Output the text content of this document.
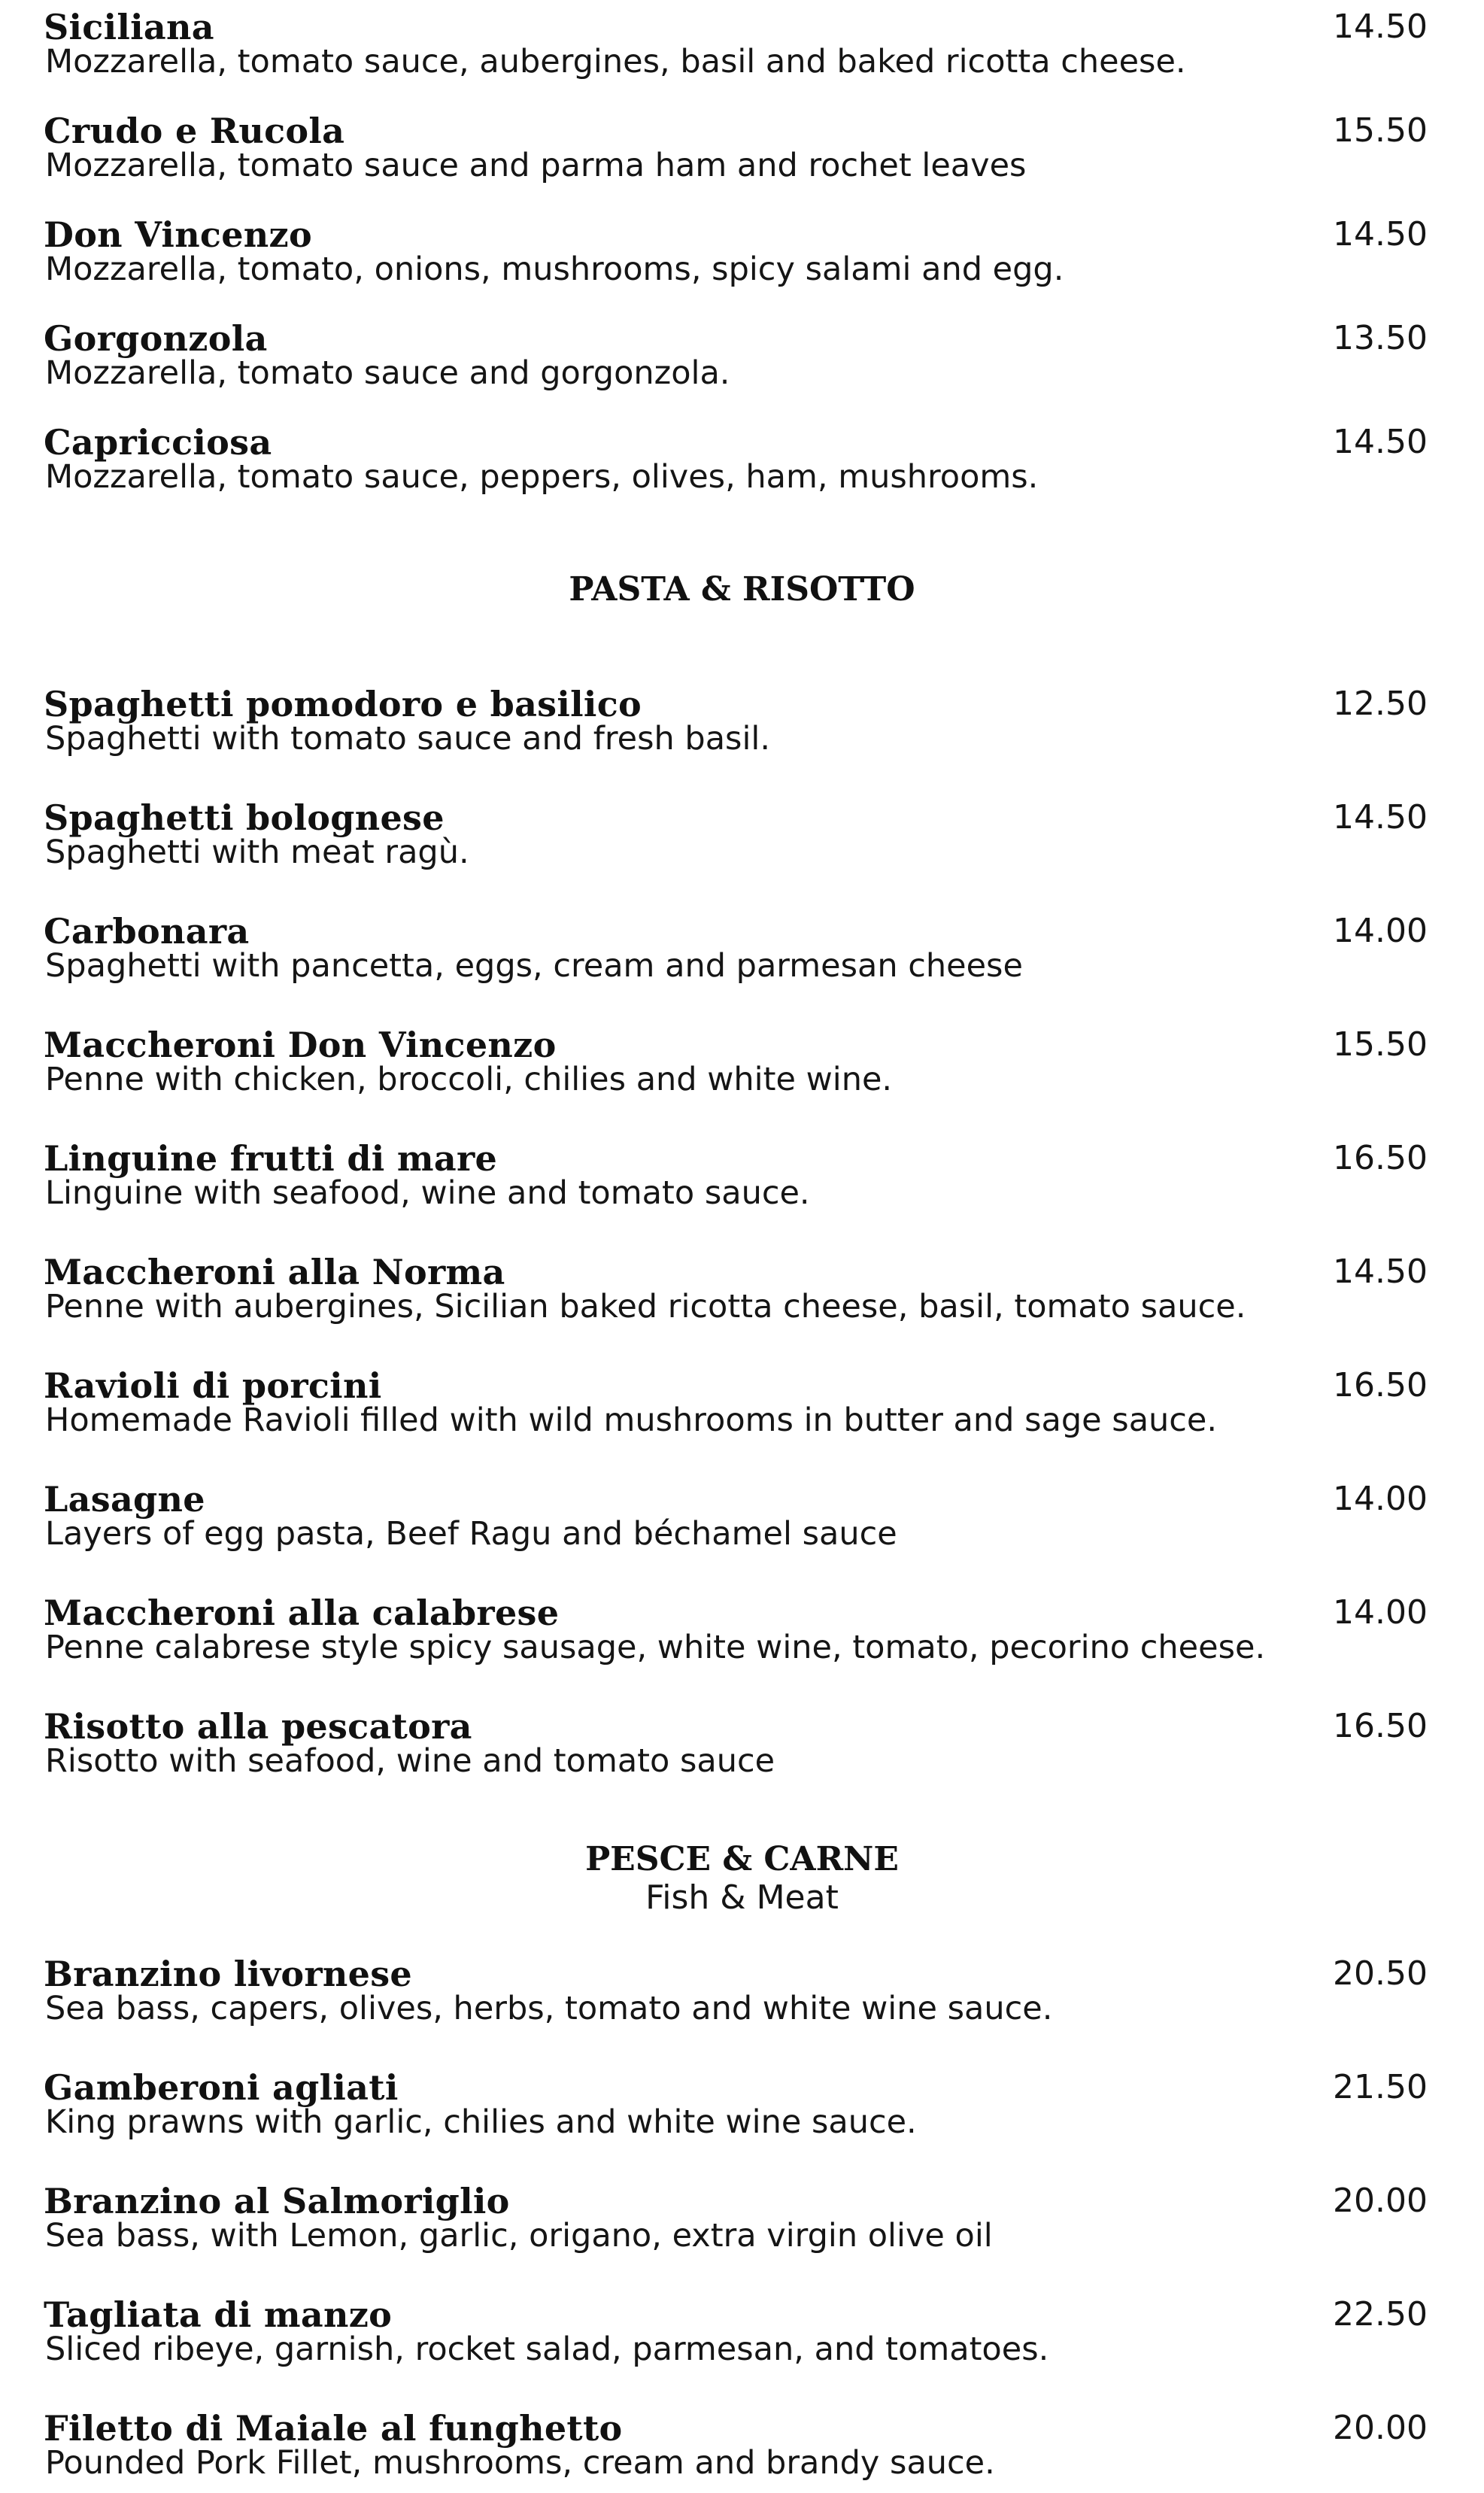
Siciliana
Mozzarella, tomato sauce, aubergines, basil and baked ricotta cheese.
14.50
Crudo e Rucola
Mozzarella, tomato sauce and parma ham and rochet leaves
15.50
Don Vincenzo
Mozzarella, tomato, onions, mushrooms, spicy salami and egg.
14.50
Gorgonzola
Mozzarella, tomato sauce and gorgonzola.
13.50
Capricciosa
Mozzarella, tomato sauce, peppers, olives, ham, mushrooms.
14.50
PASTA & RISOTTO
Spaghetti pomodoro e basilico
Spaghetti with tomato sauce and fresh basil.
12.50
Spaghetti bolognese
Spaghetti with meat ragù.
14.50
Carbonara
Spaghetti with pancetta, eggs, cream and parmesan cheese
14.00
Maccheroni Don Vincenzo
Penne with chicken, broccoli, chilies and white wine.
15.50
Linguine frutti di mare
Linguine with seafood, wine and tomato sauce.
16.50
Maccheroni alla Norma
Penne with aubergines, Sicilian baked ricotta cheese, basil, tomato sauce.
14.50
Ravioli di porcini
Homemade Ravioli filled with wild mushrooms in butter and sage sauce.
16.50
Lasagne
Layers of egg pasta, Beef Ragu and béchamel sauce
14.00
Maccheroni alla calabrese
Penne calabrese style spicy sausage, white wine, tomato, pecorino cheese.
14.00
Risotto alla pescatora
Risotto with seafood, wine and tomato sauce
16.50
PESCE & CARNE
Fish & Meat
Branzino livornese
Sea bass, capers, olives, herbs, tomato and white wine sauce.
20.50
Gamberoni agliati
King prawns with garlic, chilies and white wine sauce.
21.50
Branzino al Salmoriglio
Sea bass, with Lemon, garlic, origano, extra virgin olive oil
20.00
Tagliata di manzo
Sliced ribeye, garnish, rocket salad, parmesan, and tomatoes.
22.50
Filetto di Maiale al funghetto
Pounded Pork Fillet, mushrooms, cream and brandy sauce.
20.00
